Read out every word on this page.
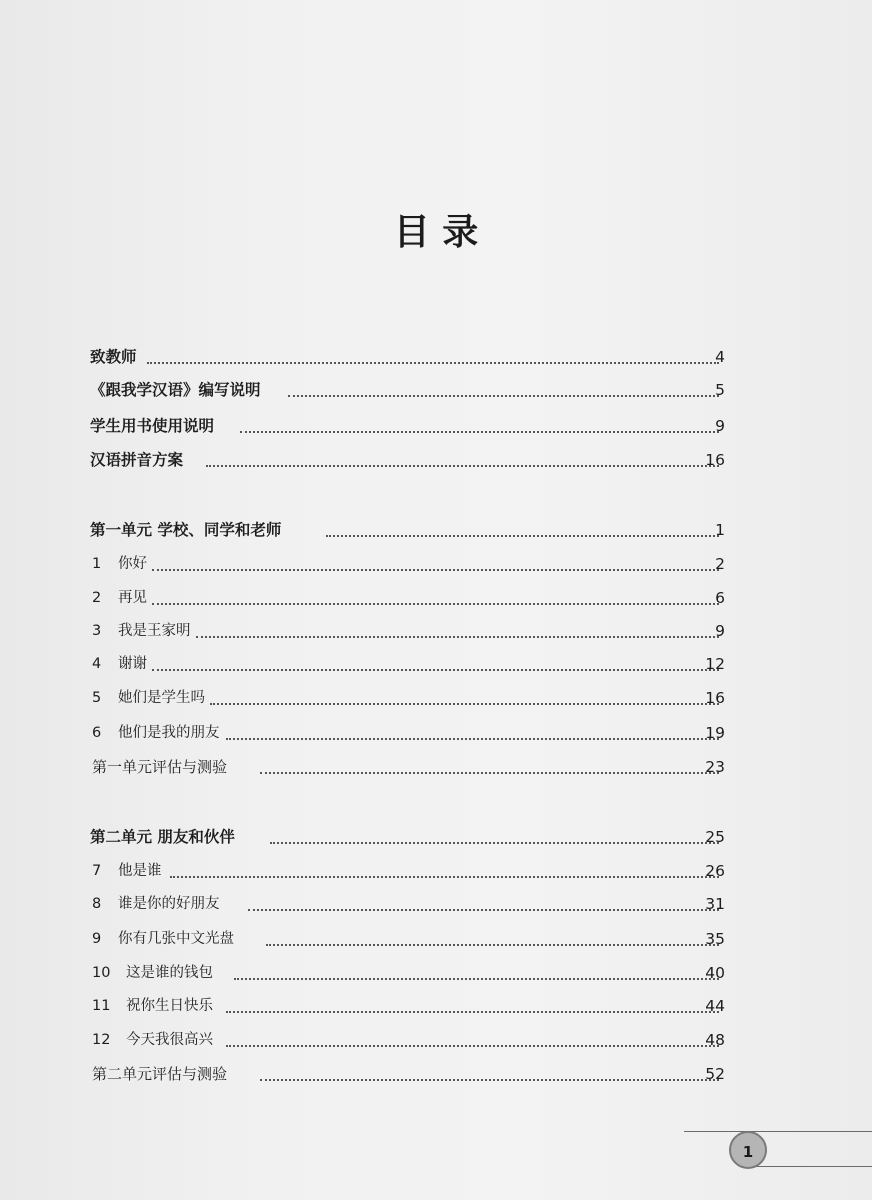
目 录
致教师	4
《跟我学汉语》编写说明	5
学生用书使用说明	9
汉语拼音方案	16
第一单元 学校、同学和老师	1
1 你好	2
2 再见	6
3 我是王家明	9
4 谢谢	12
5 她们是学生吗	16
6 他们是我的朋友	19
第一单元评估与测验	23
第二单元 朋友和伙伴	25
7 他是谁	26
8 谁是你的好朋友	31
9 你有几张中文光盘	35
10 这是谁的钱包	40
11 祝你生日快乐	44
12 今天我很高兴	48
第二单元评估与测验	52
1
